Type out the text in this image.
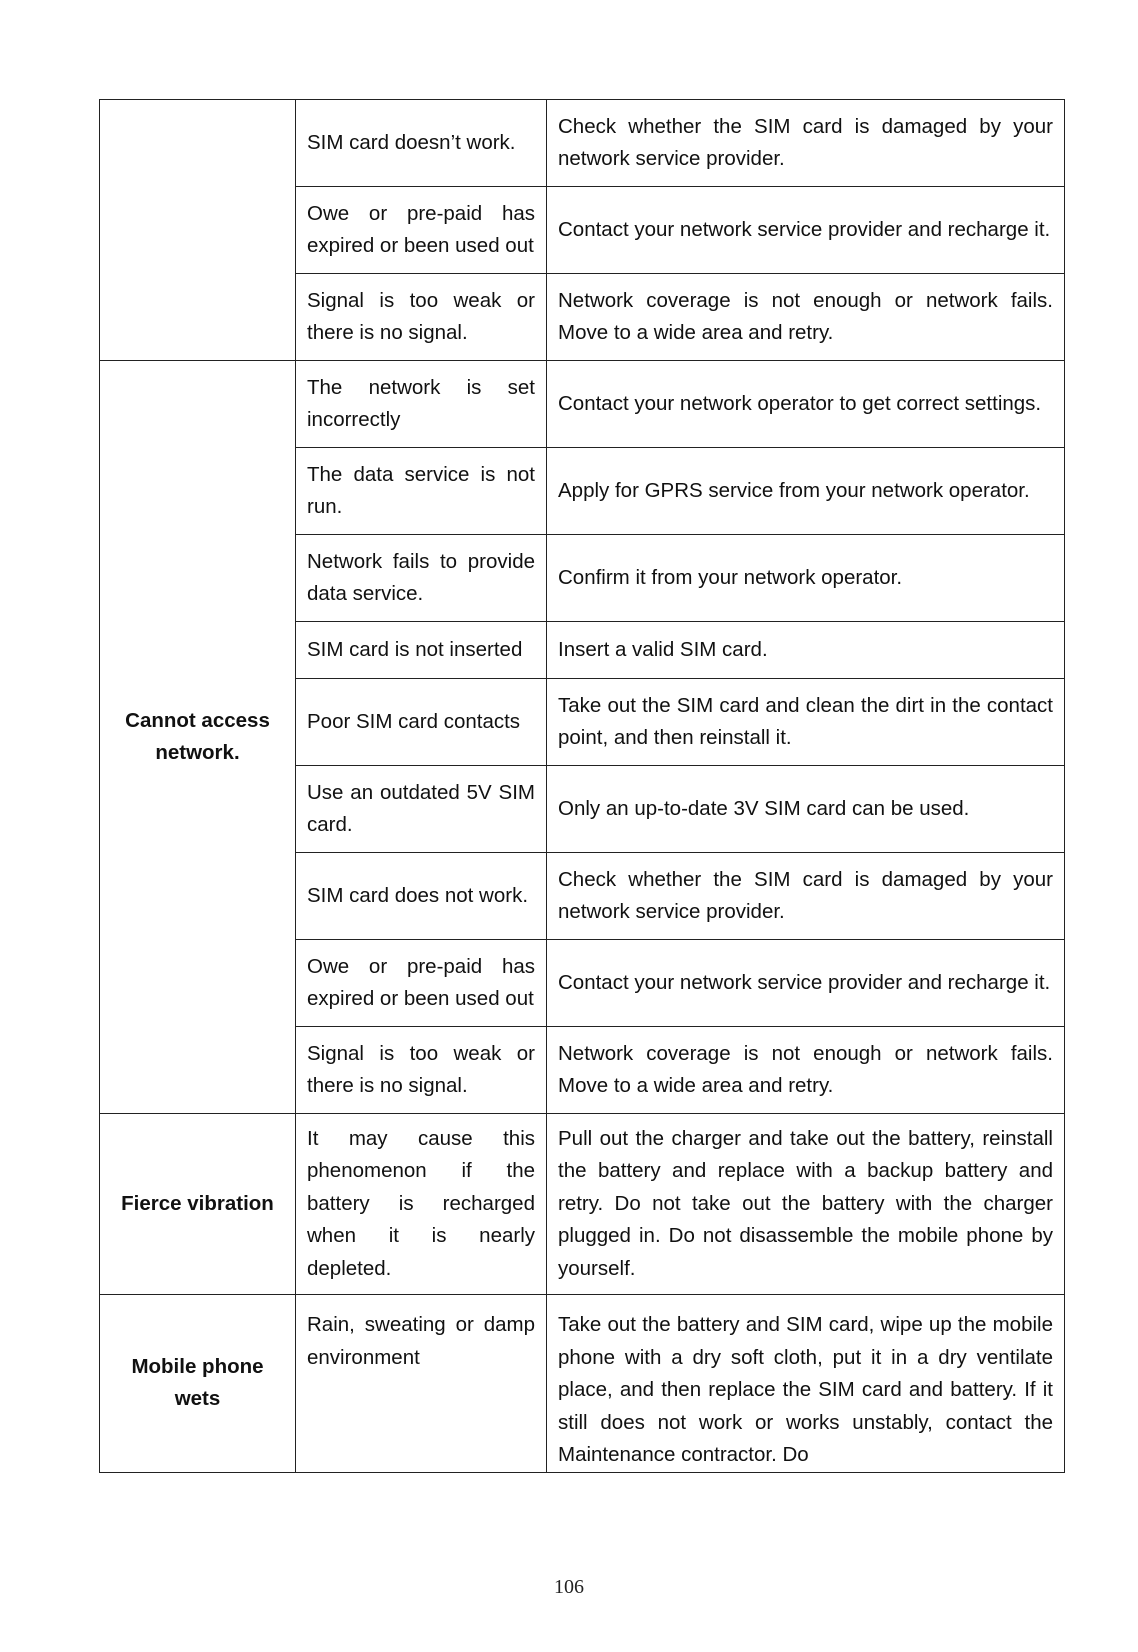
	SIM card doesn’t work.	Check whether the SIM card is damaged by your network service provider.
	Owe or pre-paid has expired or been used out	Contact your network service provider and recharge it.
	Signal is too weak or there is no signal.	Network coverage is not enough or network fails. Move to a wide area and retry.
Cannot access network.	The network is set incorrectly	Contact your network operator to get correct settings.
	The data service is not run.	Apply for GPRS service from your network operator.
	Network fails to provide data service.	Confirm it from your network operator.
	SIM card is not inserted	Insert a valid SIM card.
	Poor SIM card contacts	Take out the SIM card and clean the dirt in the contact point, and then reinstall it.
	Use an outdated 5V SIM card.	Only an up-to-date 3V SIM card can be used.
	SIM card does not work.	Check whether the SIM card is damaged by your network service provider.
	Owe or pre-paid has expired or been used out	Contact your network service provider and recharge it.
	Signal is too weak or there is no signal.	Network coverage is not enough or network fails. Move to a wide area and retry.
Fierce vibration	It may cause this phenomenon if the battery is recharged when it is nearly depleted.	Pull out the charger and take out the battery, reinstall the battery and replace with a backup battery and retry. Do not take out the battery with the charger plugged in. Do not disassemble the mobile phone by yourself.
Mobile phone wets	Rain, sweating or damp environment	Take out the battery and SIM card, wipe up the mobile phone with a dry soft cloth, put it in a dry ventilate place, and then replace the SIM card and battery. If it still does not work or works unstably, contact the Maintenance contractor. Do
106
